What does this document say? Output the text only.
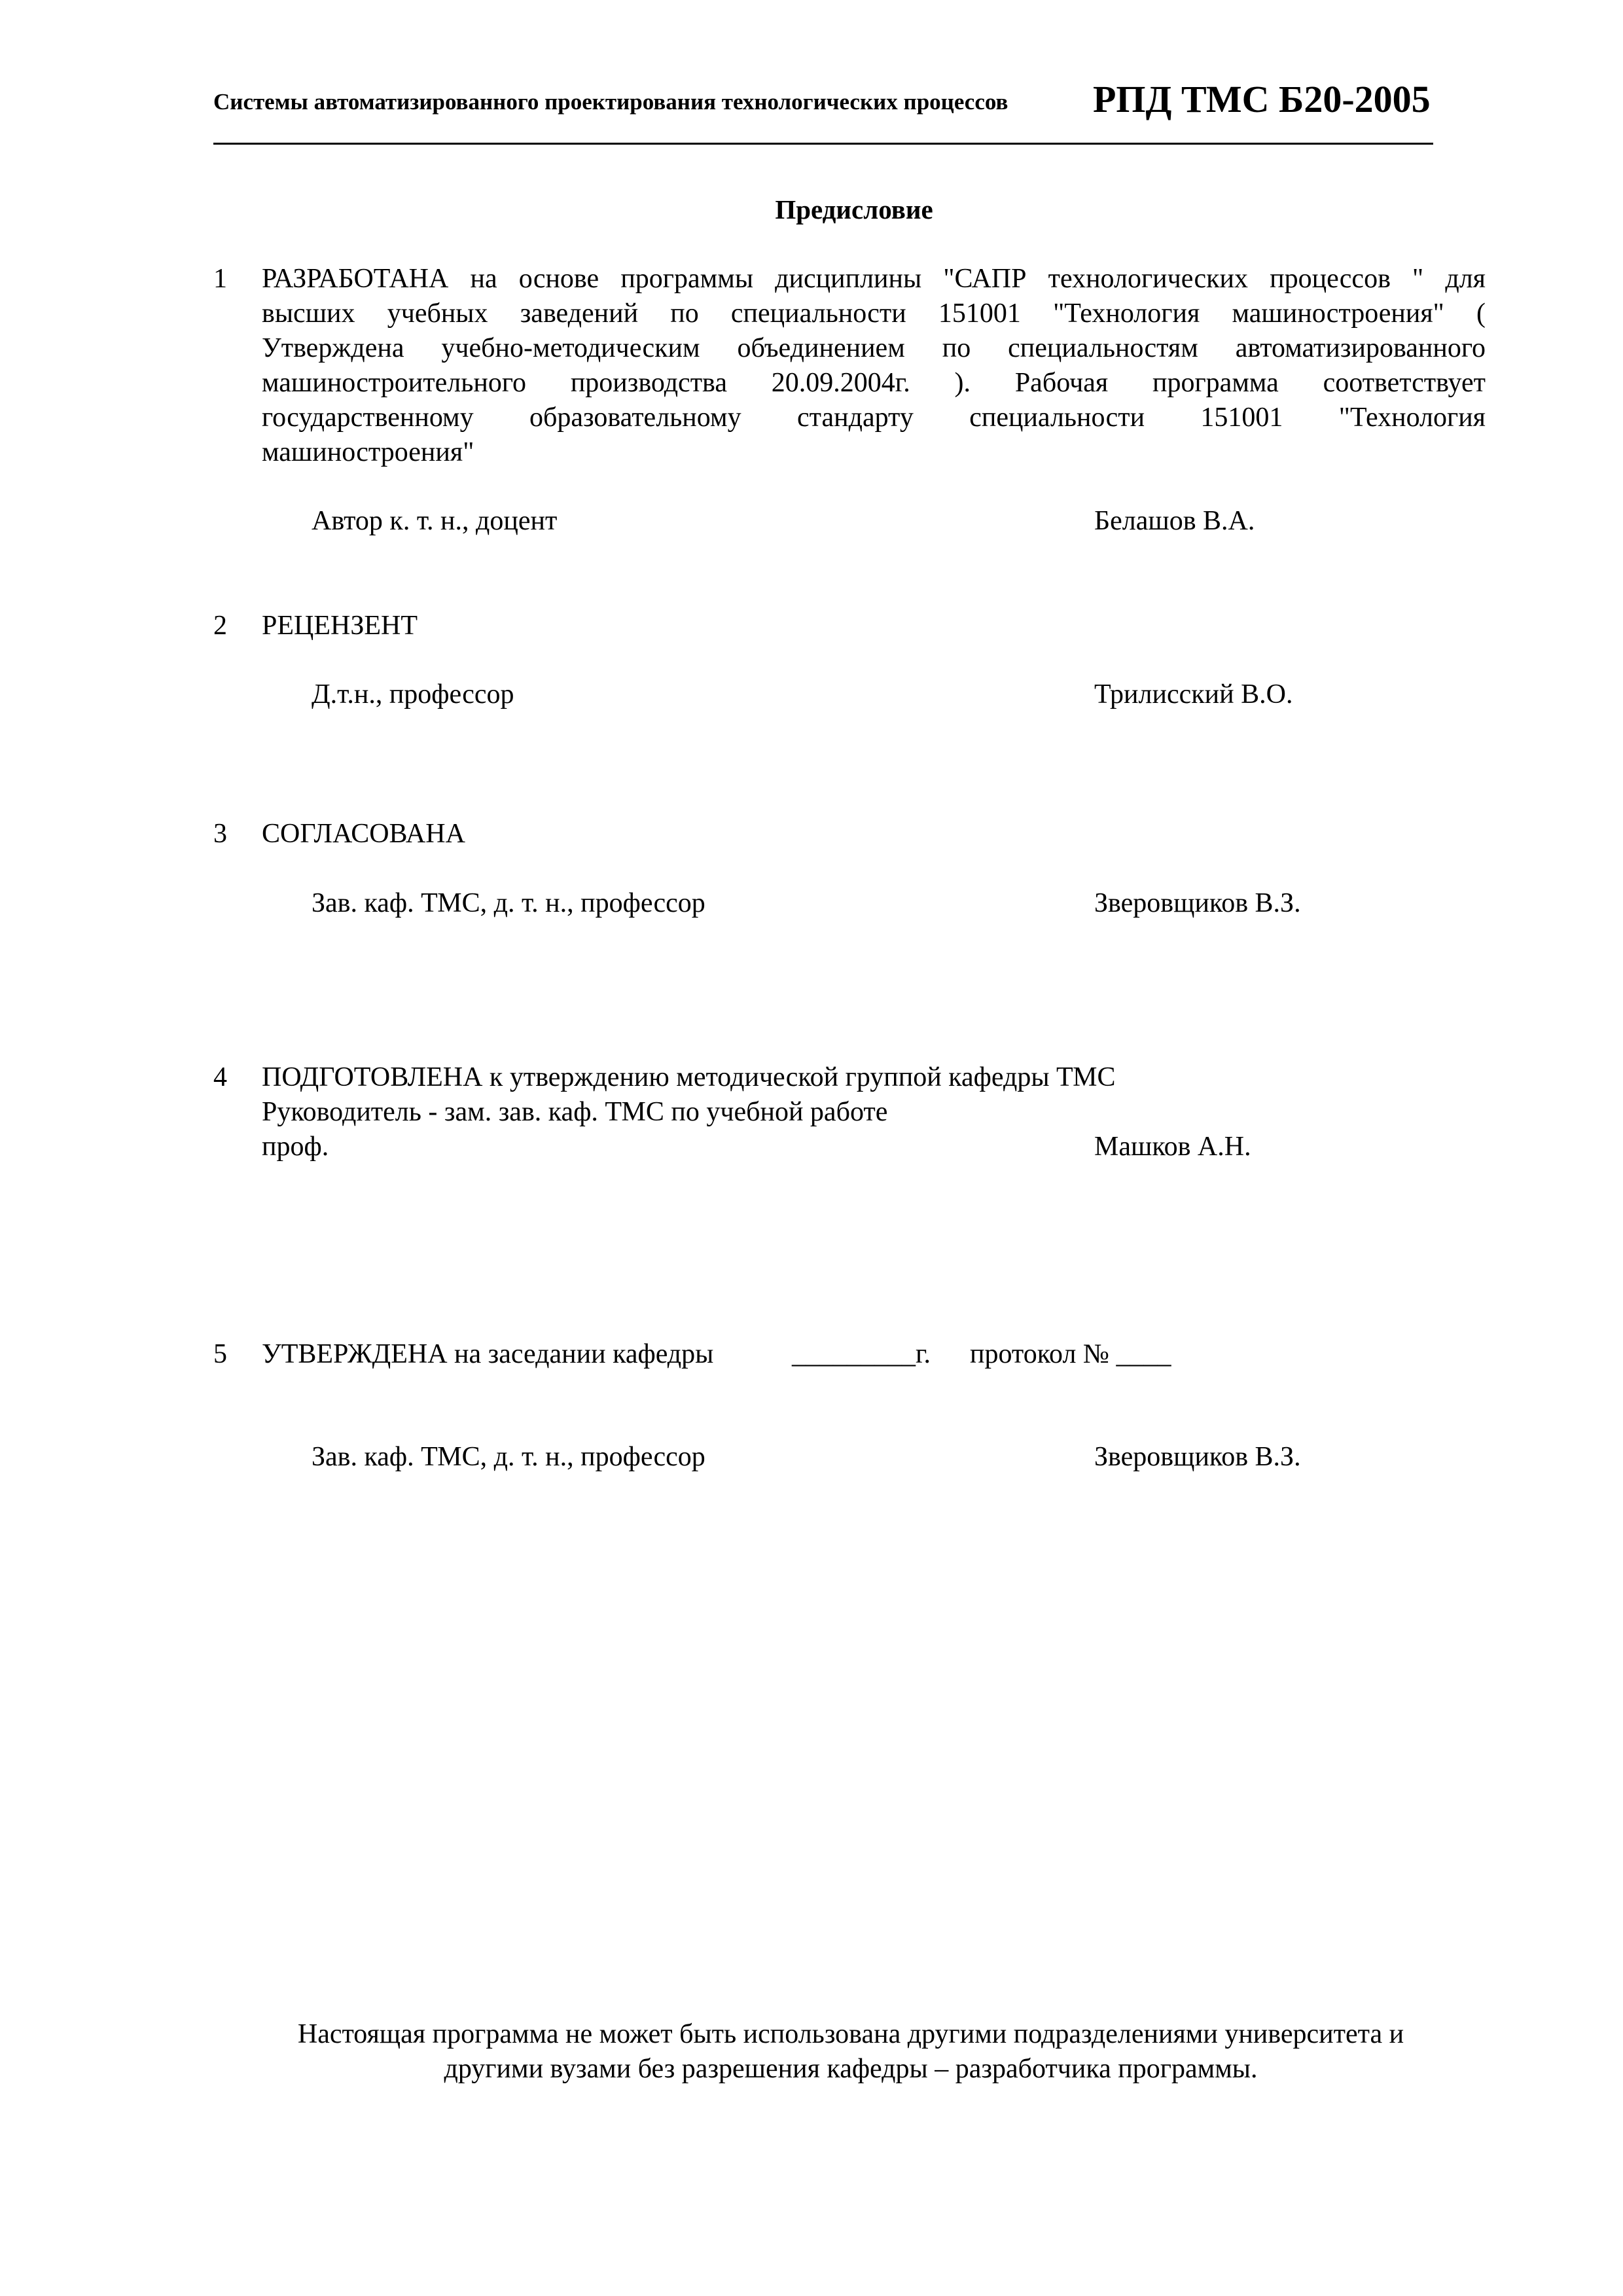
Системы автоматизированного проектирования технологических процессов РПД ТМС Б20-2005
Предисловие
1 РАЗРАБОТАНА на основе программы дисциплины "САПР технологических процессов " для
высших учебных заведений по специальности 151001 "Технология машиностроения" (
Утверждена учебно-методическим объединением по специальностям автоматизированного
машиностроительного производства 20.09.2004г. ). Рабочая программа соответствует
государственному образовательному стандарту специальности 151001 "Технология
машиностроения"
Автор к. т. н., доцент	Белашов В.А.
2 РЕЦЕНЗЕНТ
Д.т.н., профессор	Трилисский В.О.
3 СОГЛАСОВАНА
Зав. каф. ТМС, д. т. н., профессор	Зверовщиков В.З.
4 ПОДГОТОВЛЕНА к утверждению методической группой кафедры ТМС
Руководитель - зам. зав. каф. ТМС по учебной работе
проф.	Машков А.Н.
5 УТВЕРЖДЕНА на заседании кафедры	_________г. протокол № ____
Зав. каф. ТМС, д. т. н., профессор	Зверовщиков В.З.
Настоящая программа не может быть использована другими подразделениями университета и
другими вузами без разрешения кафедры – разработчика программы.
